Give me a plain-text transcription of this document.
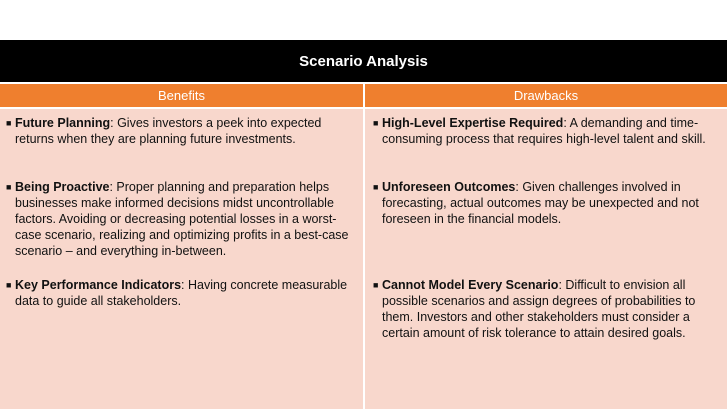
Scenario Analysis
Benefits	Drawbacks
■ Future Planning: Gives investors a peek into expected returns when they are planning future investments.
■ Being Proactive: Proper planning and preparation helps businesses make informed decisions midst uncontrollable factors. Avoiding or decreasing potential losses in a worst-case scenario, realizing and optimizing profits in a best-case scenario – and everything in-between.
■ Key Performance Indicators: Having concrete measurable data to guide all stakeholders.
■ High-Level Expertise Required: A demanding and time-consuming process that requires high-level talent and skill.
■ Unforeseen Outcomes: Given challenges involved in forecasting, actual outcomes may be unexpected and not foreseen in the financial models.
■ Cannot Model Every Scenario: Difficult to envision all possible scenarios and assign degrees of probabilities to them. Investors and other stakeholders must consider a certain amount of risk tolerance to attain desired goals.
